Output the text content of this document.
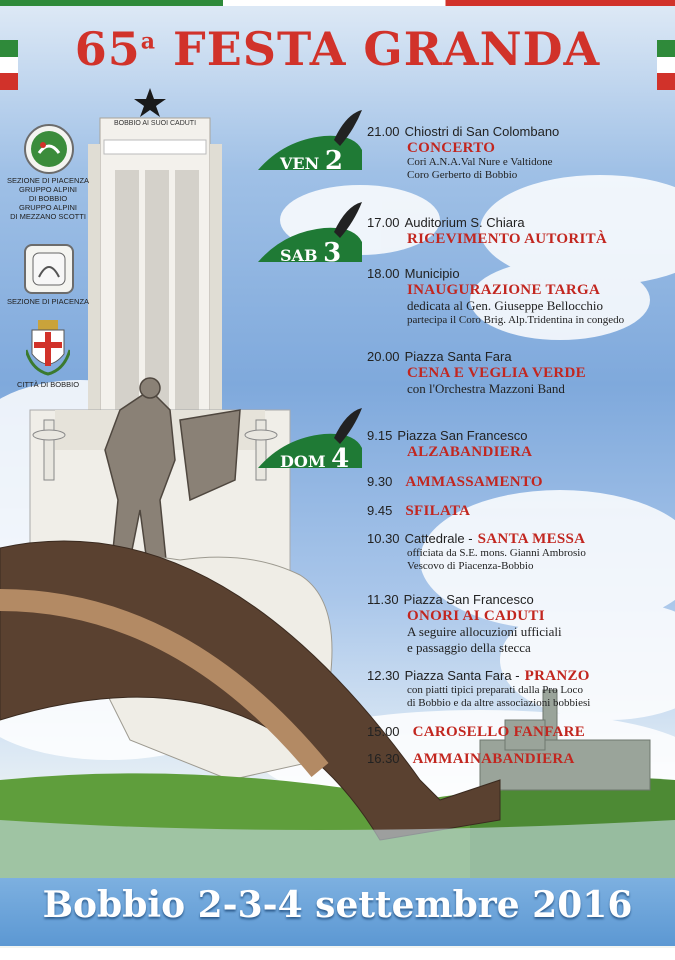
65$^a$ FESTA GRANDA
BOBBIO AI SUOI CADUTI
SEZIONE DI PIACENZA
GRUPPO ALPINI
DI BOBBIO
GRUPPO ALPINI
DI MEZZANO SCOTTI
SEZIONE DI PIACENZA
CITTÀ DI BOBBIO
VEN 2
SAB 3
DOM 4
21.00 Chiostri di San Colombano
CONCERTO
Cori A.N.A.Val Nure e Valtidone
Coro Gerberto di Bobbio
17.00 Auditorium S. Chiara
RICEVIMENTO AUTORITÀ
18.00 Municipio
INAUGURAZIONE TARGA
dedicata al Gen. Giuseppe Bellocchio
partecipa il Coro Brig. Alp.Tridentina in congedo
20.00 Piazza Santa Fara
CENA E VEGLIA VERDE
con l'Orchestra Mazzoni Band
9.15 Piazza San Francesco
ALZABANDIERA
9.30 AMMASSAMENTO
9.45 SFILATA
10.30 Cattedrale - SANTA MESSA
officiata da S.E. mons. Gianni Ambrosio
Vescovo di Piacenza-Bobbio
11.30 Piazza San Francesco
ONORI AI CADUTI
A seguire allocuzioni ufficiali
e passaggio della stecca
12.30 Piazza Santa Fara - PRANZO
con piatti tipici preparati dalla Pro Loco
di Bobbio e da altre associazioni bobbiesi
15.00 CAROSELLO FANFARE
16.30 AMMAINABANDIERA
Bobbio 2-3-4 settembre 2016
